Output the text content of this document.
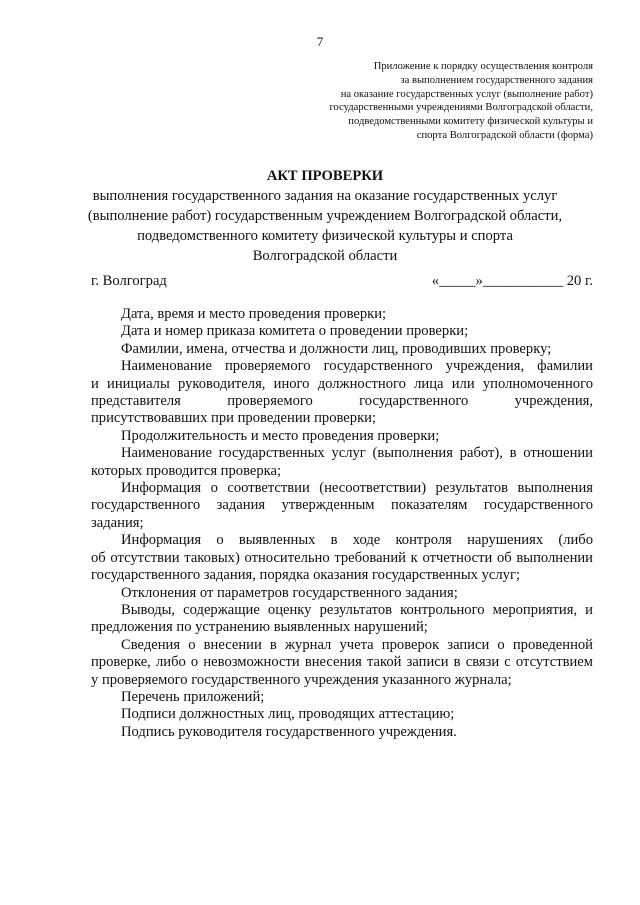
7
Приложение к порядку осуществления контроля
за выполнением государственного задания
на оказание государственных услуг (выполнение работ)
государственными учреждениями Волгоградской области,
подведомственными комитету физической культуры и
спорта Волгоградской области (форма)
АКТ ПРОВЕРКИ
выполнения государственного задания на оказание государственных услуг
(выполнение работ) государственным учреждением Волгоградской области,
подведомственного комитету физической культуры и спорта
Волгоградской области
г. Волгоград	«_____»___________ 20 г.
Дата, время и место проведения проверки;
Дата и номер приказа комитета о проведении проверки;
Фамилии, имена, отчества и должности лиц, проводивших проверку;
Наименование проверяемого государственного учреждения, фамилии
и инициалы руководителя, иного должностного лица или уполномоченного
представителя проверяемого государственного учреждения,
присутствовавших при проведении проверки;
Продолжительность и место проведения проверки;
Наименование государственных услуг (выполнения работ), в отношении
которых проводится проверка;
Информация о соответствии (несоответствии) результатов выполнения
государственного задания утвержденным показателям государственного
задания;
Информация о выявленных в ходе контроля нарушениях (либо
об отсутствии таковых) относительно требований к отчетности об выполнении
государственного задания, порядка оказания государственных услуг;
Отклонения от параметров государственного задания;
Выводы, содержащие оценку результатов контрольного мероприятия, и
предложения по устранению выявленных нарушений;
Сведения о внесении в журнал учета проверок записи о проведенной
проверке, либо о невозможности внесения такой записи в связи с отсутствием
у проверяемого государственного учреждения указанного журнала;
Перечень приложений;
Подписи должностных лиц, проводящих аттестацию;
Подпись руководителя государственного учреждения.
